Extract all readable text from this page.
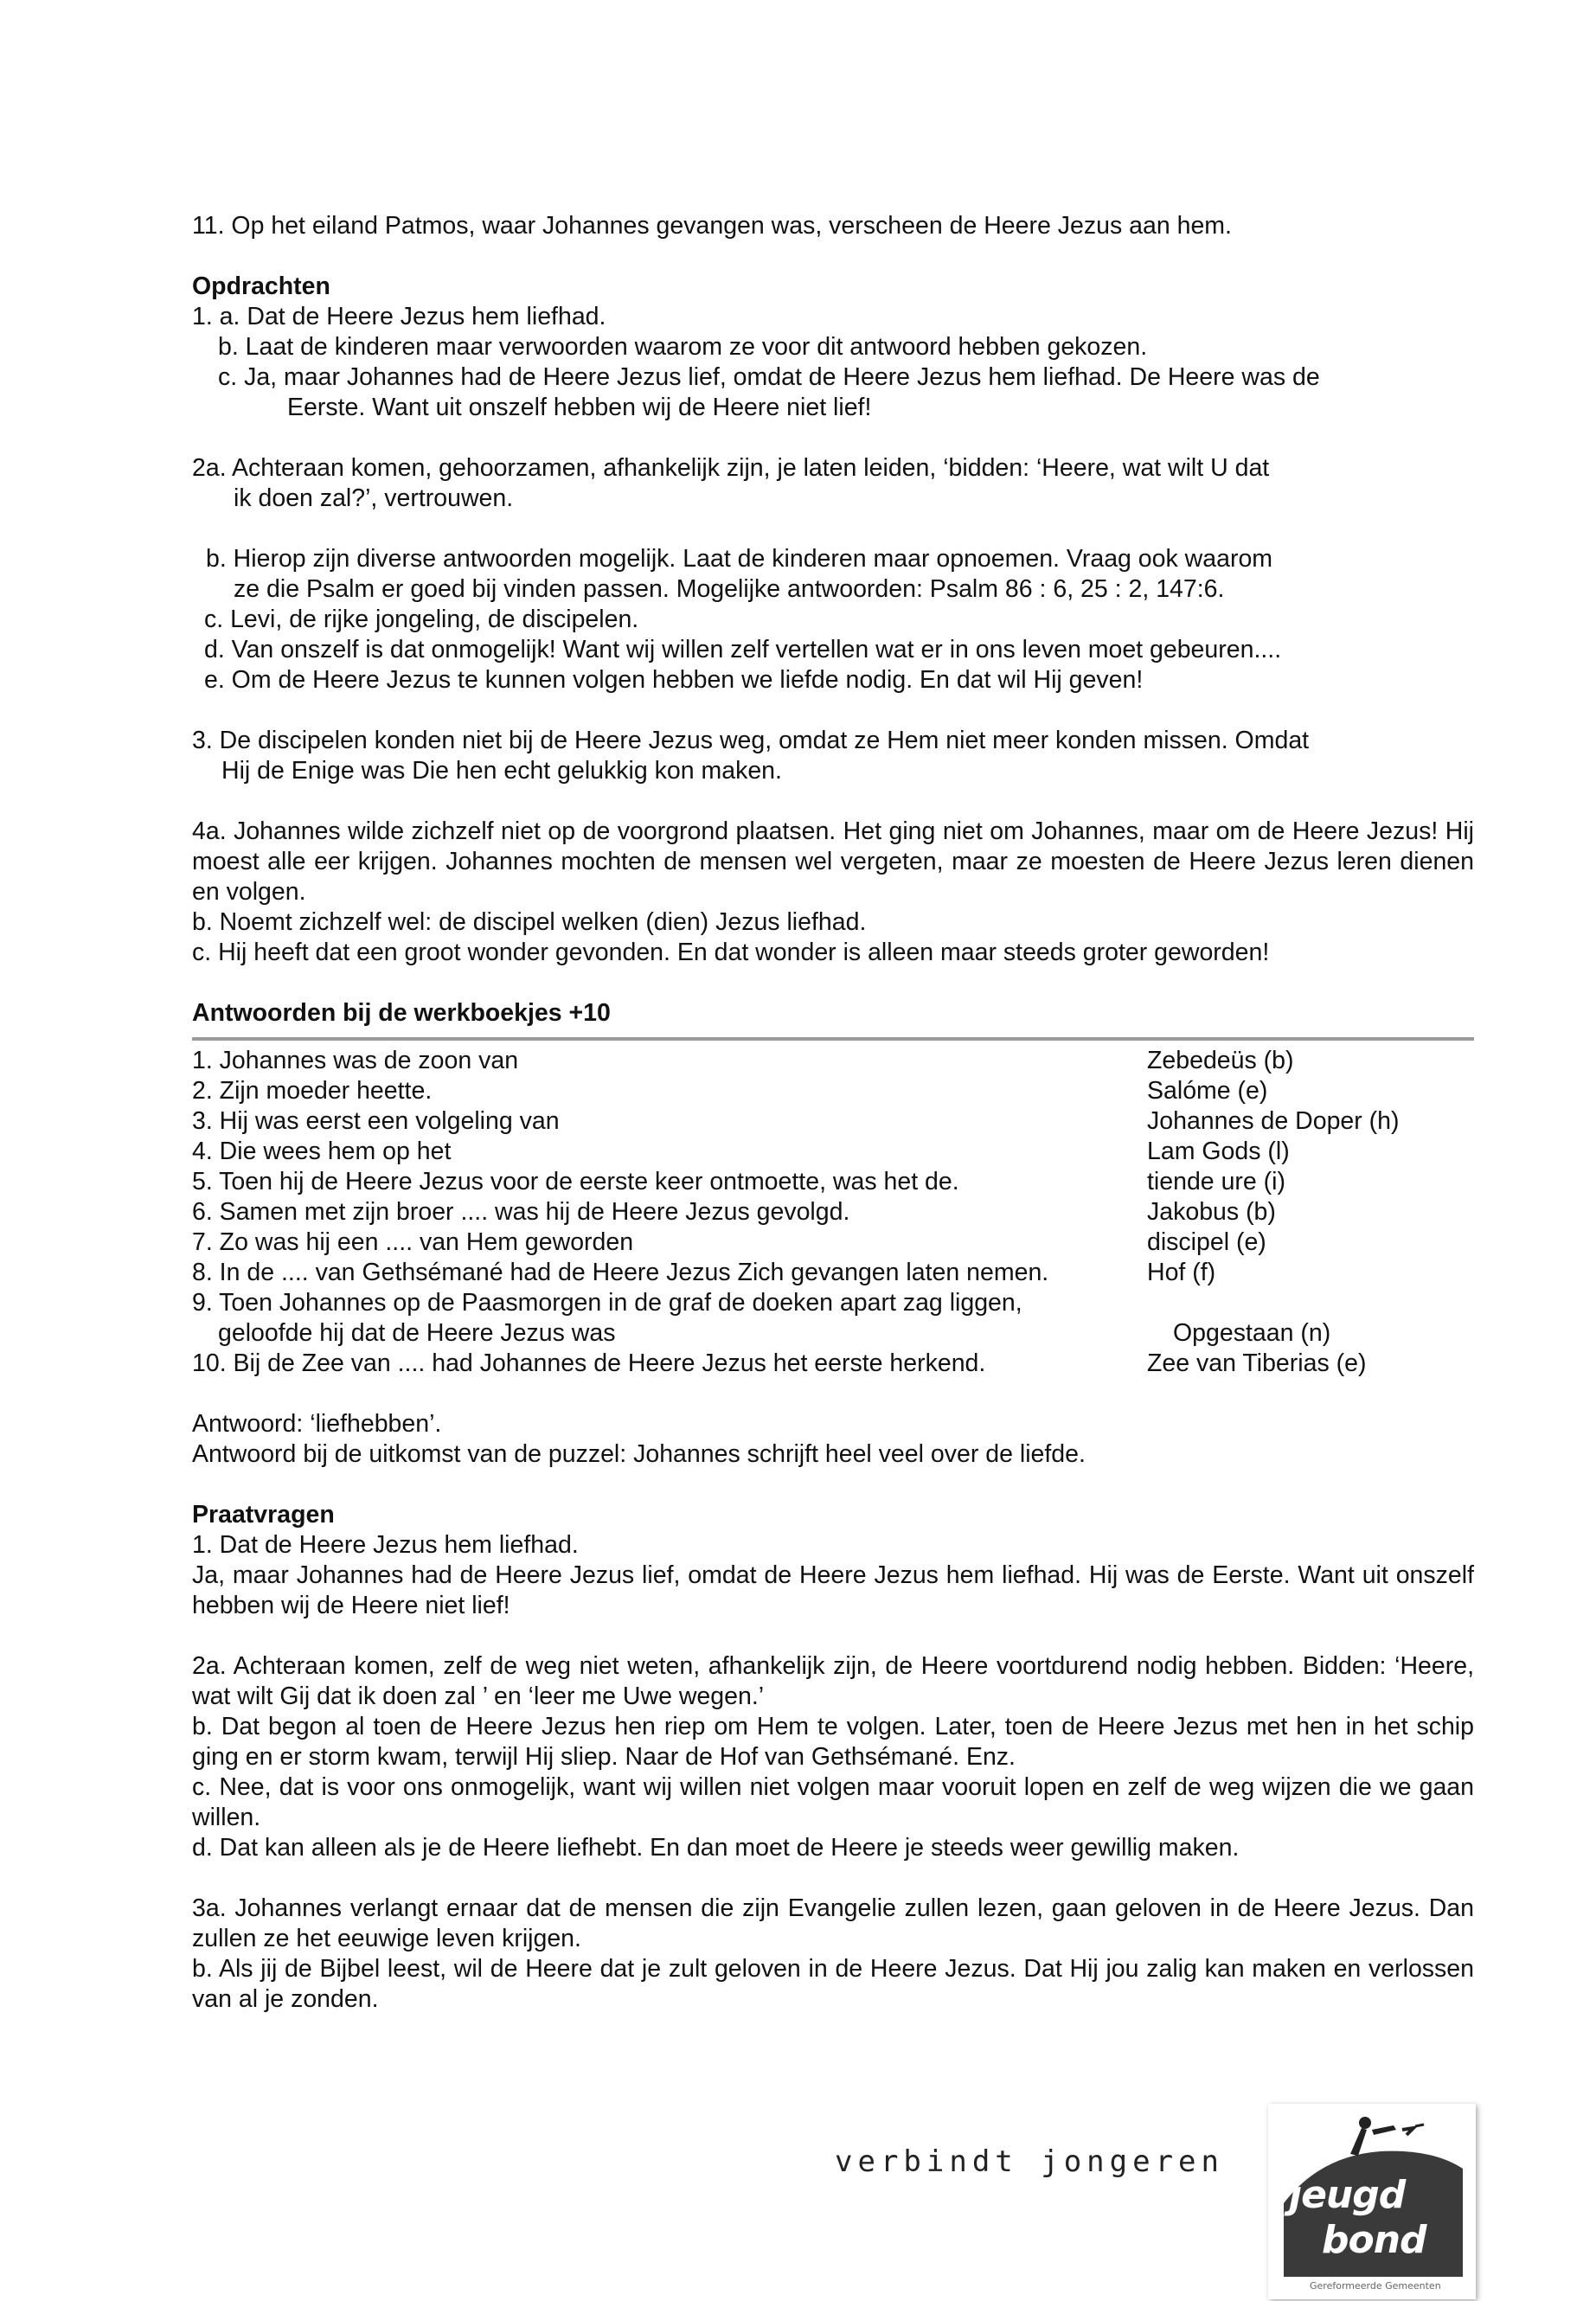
11. Op het eiland Patmos, waar Johannes gevangen was, verscheen de Heere Jezus aan hem.

Opdrachten

1. a. Dat de Heere Jezus hem liefhad.

b. Laat de kinderen maar verwoorden waarom ze voor dit antwoord hebben gekozen.

c. Ja, maar Johannes had de Heere Jezus lief, omdat de Heere Jezus hem liefhad. De Heere was de

Eerste. Want uit onszelf hebben wij de Heere niet lief!

2a. Achteraan komen, gehoorzamen, afhankelijk zijn, je laten leiden, ‘bidden: ‘Heere, wat wilt U dat

ik doen zal?’, vertrouwen.

b. Hierop zijn diverse antwoorden mogelijk. Laat de kinderen maar opnoemen. Vraag ook waarom

ze die Psalm er goed bij vinden passen. Mogelijke antwoorden: Psalm 86 : 6, 25 : 2, 147:6.

c. Levi, de rijke jongeling, de discipelen.

d. Van onszelf is dat onmogelijk! Want wij willen zelf vertellen wat er in ons leven moet gebeuren....

e. Om de Heere Jezus te kunnen volgen hebben we liefde nodig. En dat wil Hij geven!

3. De discipelen konden niet bij de Heere Jezus weg, omdat ze Hem niet meer konden missen. Omdat

Hij de Enige was Die hen echt gelukkig kon maken.

4a. Johannes wilde zichzelf niet op de voorgrond plaatsen. Het ging niet om Johannes, maar om de Heere Jezus! Hij moest alle eer krijgen. Johannes mochten de mensen wel vergeten, maar ze moesten de Heere Jezus leren dienen en volgen.

b. Noemt zichzelf wel: de discipel welken (dien) Jezus liefhad.

c. Hij heeft dat een groot wonder gevonden. En dat wonder is alleen maar steeds groter geworden!

Antwoorden bij de werkboekjes +10

1. Johannes was de zoon van	Zebedeüs (b)
2. Zijn moeder heette.	Salóme (e)
3. Hij was eerst een volgeling van	Johannes de Doper (h)
4. Die wees hem op het	Lam Gods (l)
5. Toen hij de Heere Jezus voor de eerste keer ontmoette, was het de.	tiende ure (i)
6. Samen met zijn broer .... was hij de Heere Jezus gevolgd.	Jakobus (b)
7. Zo was hij een .... van Hem geworden	discipel (e)
8. In de .... van Gethsémané had de Heere Jezus Zich gevangen laten nemen.	Hof (f)
9. Toen Johannes op de Paasmorgen in de graf de doeken apart zag liggen,
geloofde hij dat de Heere Jezus was	Opgestaan (n)
10. Bij de Zee van .... had Johannes de Heere Jezus het eerste herkend.	Zee van Tiberias (e)

Antwoord: ‘liefhebben’.

Antwoord bij de uitkomst van de puzzel: Johannes schrijft heel veel over de liefde.

Praatvragen

1. Dat de Heere Jezus hem liefhad.

Ja, maar Johannes had de Heere Jezus lief, omdat de Heere Jezus hem liefhad. Hij was de Eerste. Want uit onszelf hebben wij de Heere niet lief!

2a. Achteraan komen, zelf de weg niet weten, afhankelijk zijn, de Heere voortdurend nodig hebben. Bidden: ‘Heere, wat wilt Gij dat ik doen zal ’ en ‘leer me Uwe wegen.’

b. Dat begon al toen de Heere Jezus hen riep om Hem te volgen. Later, toen de Heere Jezus met hen in het schip ging en er storm kwam, terwijl Hij sliep. Naar de Hof van Gethsémané. Enz.

c. Nee, dat is voor ons onmogelijk, want wij willen niet volgen maar vooruit lopen en zelf de weg wijzen die we gaan willen.

d. Dat kan alleen als je de Heere liefhebt. En dan moet de Heere je steeds weer gewillig maken.

3a. Johannes verlangt ernaar dat de mensen die zijn Evangelie zullen lezen, gaan geloven in de Heere Jezus. Dan zullen ze het eeuwige leven krijgen.

b. Als jij de Bijbel leest, wil de Heere dat je zult geloven in de Heere Jezus. Dat Hij jou zalig kan maken en verlossen van al je zonden.

verbindt jongeren
jeugd
bond
Gereformeerde Gemeenten
